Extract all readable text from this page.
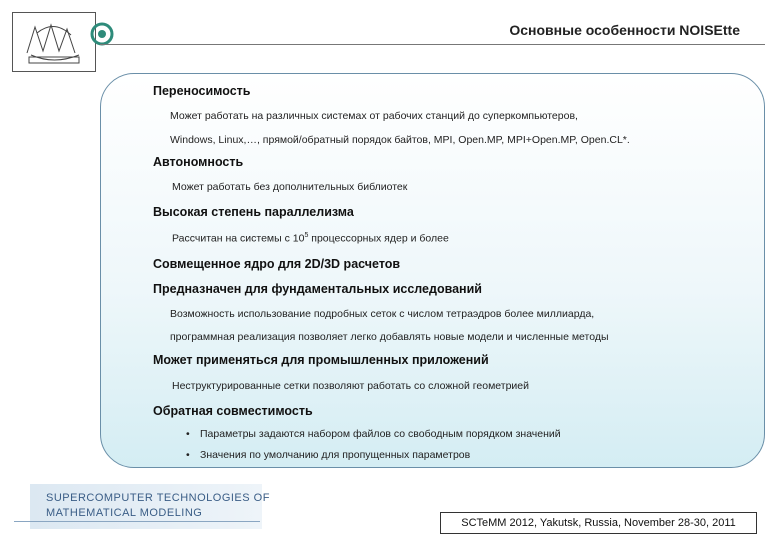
Основные особенности NOISEtte
Переносимость
Может работать на различных системах от рабочих станций до суперкомпьютеров,
Windows, Linux,…, прямой/обратный порядок байтов, MPI, Open.MP, MPI+Open.MP, Open.CL*.
Автономность
Может работать без дополнительных библиотек
Высокая степень параллелизма
Рассчитан на системы с $10^5$ процессорных ядер и более
Совмещенное ядро для 2D/3D расчетов
Предназначен для фундаментальных исследований
Возможность использование подробных сеток с числом тетраэдров более миллиарда,
программная реализация позволяет легко добавлять новые модели и численные методы
Может применяться для промышленных приложений
Неструктурированные сетки позволяют работать со сложной геометрией
Обратная совместимость
• Параметры задаются набором файлов со свободным порядком значений
• Значения по умолчанию для пропущенных параметров
SUPERCOMPUTER TECHNOLOGIES OF
MATHEMATICAL MODELING
SCTeMM 2012, Yakutsk, Russia, November 28-30, 2011
